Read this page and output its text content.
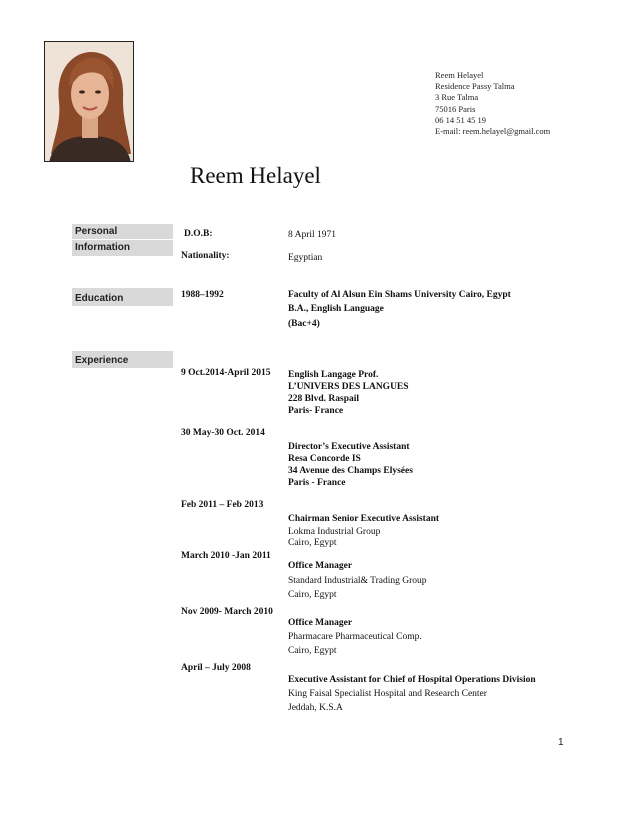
Reem Helayel
Residence Passy Talma
3 Rue Talma
75016 Paris
06 14 51 45 19
E-mail: reem.helayel@gmail.com
Reem Helayel
Personal
Information
Education
Experience
D.O.B:	8 April 1971
Nationality:	Egyptian
1988–1992	Faculty of Al Alsun Ein Shams University Cairo, Egypt
B.A., English Language
(Bac+4)
9 Oct.2014-April 2015 English Langage Prof.
L’UNIVERS DES LANGUES
228 Blvd. Raspail
Paris- France
30 May-30 Oct. 2014
Director’s Executive Assistant
Resa Concorde IS
34 Avenue des Champs Elysées
Paris - France
Feb 2011 – Feb 2013
Chairman Senior Executive Assistant
Lokma Industrial Group
Cairo, Egypt
March 2010 -Jan 2011
Office Manager
Standard Industrial& Trading Group
Cairo, Egypt
Nov 2009- March 2010
Office Manager
Pharmacare Pharmaceutical Comp.
Cairo, Egypt
April – July 2008
Executive Assistant for Chief of Hospital Operations Division
King Faisal Specialist Hospital and Research Center
Jeddah, K.S.A
1
